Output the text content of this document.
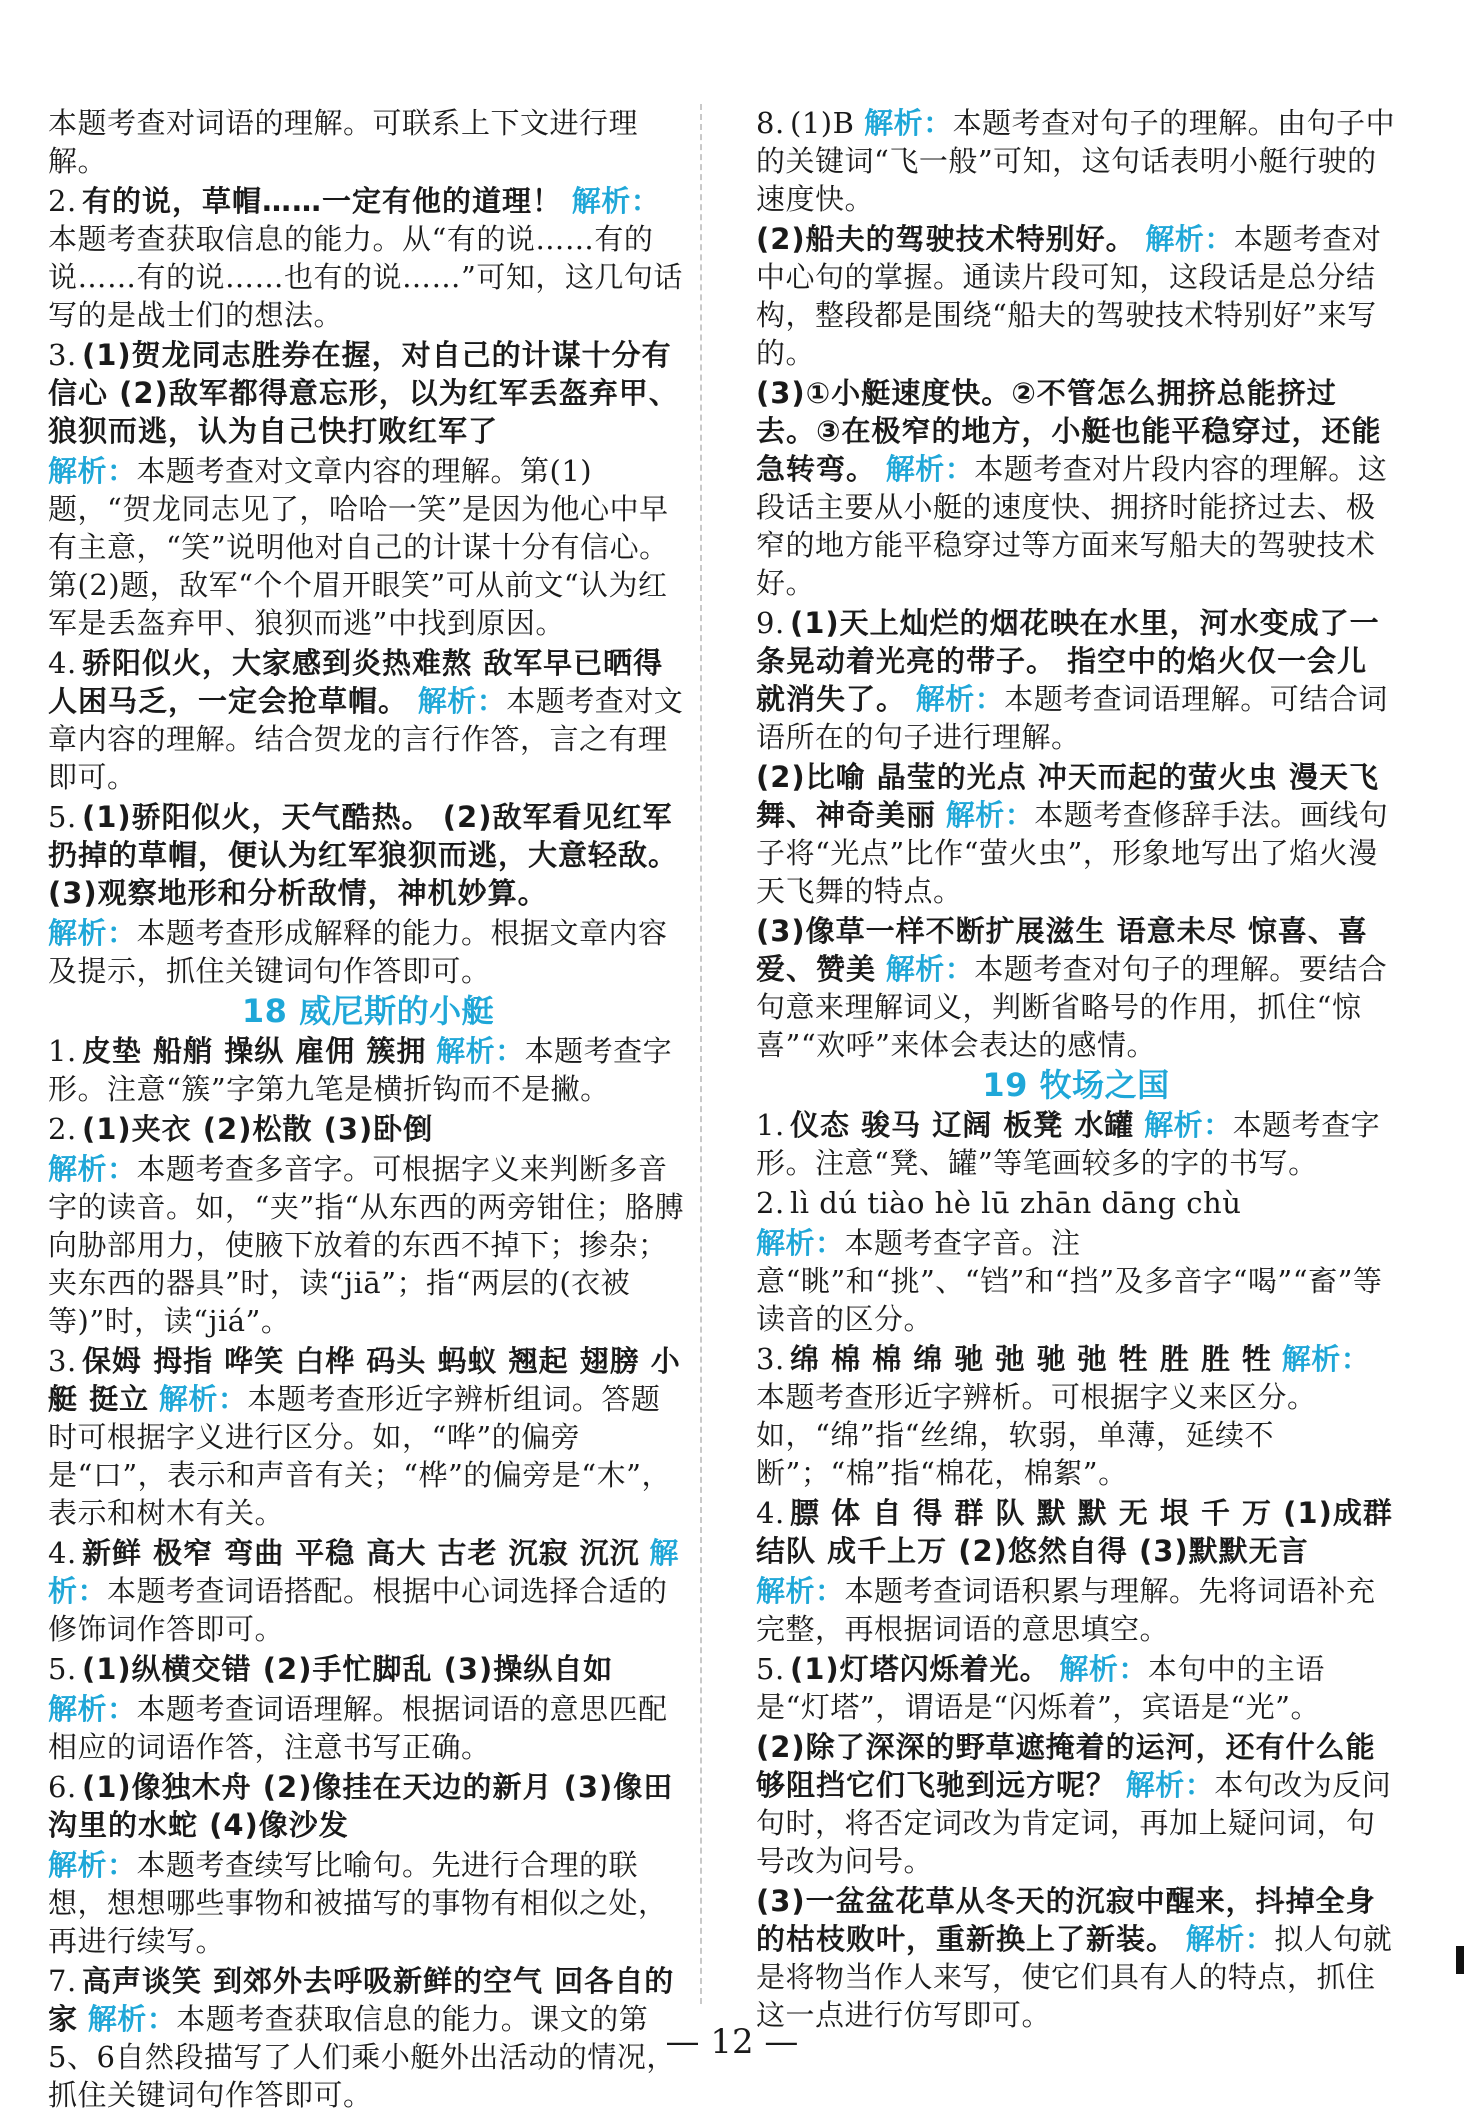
本题考查对词语的理解。可联系上下文进行理解。
2. 有的说，草帽……一定有他的道理！ 解析：本题考查获取信息的能力。从“有的说……有的说……有的说……也有的说……”可知，这几句话写的是战士们的想法。
3. (1)贺龙同志胜券在握，对自己的计谋十分有信心 (2)敌军都得意忘形，以为红军丢盔弃甲、狼狈而逃，认为自己快打败红军了
解析：本题考查对文章内容的理解。第(1)题，“贺龙同志见了，哈哈一笑”是因为他心中早有主意，“笑”说明他对自己的计谋十分有信心。第(2)题，敌军“个个眉开眼笑”可从前文“认为红军是丢盔弃甲、狼狈而逃”中找到原因。
4. 骄阳似火，大家感到炎热难熬 敌军早已晒得人困马乏，一定会抢草帽。 解析：本题考查对文章内容的理解。结合贺龙的言行作答，言之有理即可。
5. (1)骄阳似火，天气酷热。 (2)敌军看见红军扔掉的草帽，便认为红军狼狈而逃，大意轻敌。 (3)观察地形和分析敌情，神机妙算。
解析：本题考查形成解释的能力。根据文章内容及提示，抓住关键词句作答即可。
18 威尼斯的小艇
1. 皮垫 船艄 操纵 雇佣 簇拥 解析：本题考查字形。注意“簇”字第九笔是横折钩而不是撇。
2. (1)夹衣 (2)松散 (3)卧倒
解析：本题考查多音字。可根据字义来判断多音字的读音。如，“夹”指“从东西的两旁钳住；胳膊向胁部用力，使腋下放着的东西不掉下；掺杂；夹东西的器具”时，读“jiā”；指“两层的(衣被等)”时，读“jiá”。
3. 保姆 拇指 哗笑 白桦 码头 蚂蚁 翘起 翅膀 小艇 挺立 解析：本题考查形近字辨析组词。答题时可根据字义进行区分。如，“哗”的偏旁是“口”，表示和声音有关；“桦”的偏旁是“木”，表示和树木有关。
4. 新鲜 极窄 弯曲 平稳 高大 古老 沉寂 沉沉 解析：本题考查词语搭配。根据中心词选择合适的修饰词作答即可。
5. (1)纵横交错 (2)手忙脚乱 (3)操纵自如
解析：本题考查词语理解。根据词语的意思匹配相应的词语作答，注意书写正确。
6. (1)像独木舟 (2)像挂在天边的新月 (3)像田沟里的水蛇 (4)像沙发
解析：本题考查续写比喻句。先进行合理的联想，想想哪些事物和被描写的事物有相似之处，再进行续写。
7. 高声谈笑 到郊外去呼吸新鲜的空气 回各自的家 解析：本题考查获取信息的能力。课文的第5、6自然段描写了人们乘小艇外出活动的情况，抓住关键词句作答即可。
8. (1)B 解析：本题考查对句子的理解。由句子中的关键词“飞一般”可知，这句话表明小艇行驶的速度快。
(2)船夫的驾驶技术特别好。 解析：本题考查对中心句的掌握。通读片段可知，这段话是总分结构，整段都是围绕“船夫的驾驶技术特别好”来写的。
(3)①小艇速度快。②不管怎么拥挤总能挤过去。③在极窄的地方，小艇也能平稳穿过，还能急转弯。 解析：本题考查对片段内容的理解。这段话主要从小艇的速度快、拥挤时能挤过去、极窄的地方能平稳穿过等方面来写船夫的驾驶技术好。
9. (1)天上灿烂的烟花映在水里，河水变成了一条晃动着光亮的带子。 指空中的焰火仅一会儿就消失了。 解析：本题考查词语理解。可结合词语所在的句子进行理解。
(2)比喻 晶莹的光点 冲天而起的萤火虫 漫天飞舞、神奇美丽 解析：本题考查修辞手法。画线句子将“光点”比作“萤火虫”，形象地写出了焰火漫天飞舞的特点。
(3)像草一样不断扩展滋生 语意未尽 惊喜、喜爱、赞美 解析：本题考查对句子的理解。要结合句意来理解词义，判断省略号的作用，抓住“惊喜”“欢呼”来体会表达的感情。
19 牧场之国
1. 仪态 骏马 辽阔 板凳 水罐 解析：本题考查字形。注意“凳、罐”等笔画较多的字的书写。
2. lì dú tiào hè lū zhān dāng chù
解析：本题考查字音。注意“眺”和“挑”、“铛”和“挡”及多音字“喝”“畜”等读音的区分。
3. 绵 棉 棉 绵 驰 弛 驰 弛 牲 胜 胜 牲 解析：本题考查形近字辨析。可根据字义来区分。如，“绵”指“丝绵，软弱，单薄，延续不断”；“棉”指“棉花，棉絮”。
4. 膘 体 自 得 群 队 默 默 无 垠 千 万 (1)成群结队 成千上万 (2)悠然自得 (3)默默无言
解析：本题考查词语积累与理解。先将词语补充完整，再根据词语的意思填空。
5. (1)灯塔闪烁着光。 解析：本句中的主语是“灯塔”，谓语是“闪烁着”，宾语是“光”。
(2)除了深深的野草遮掩着的运河，还有什么能够阻挡它们飞驰到远方呢？ 解析：本句改为反问句时，将否定词改为肯定词，再加上疑问词，句号改为问号。
(3)一盆盆花草从冬天的沉寂中醒来，抖掉全身的枯枝败叶，重新换上了新装。 解析：拟人句就是将物当作人来写，使它们具有人的特点，抓住这一点进行仿写即可。
— 12 —
